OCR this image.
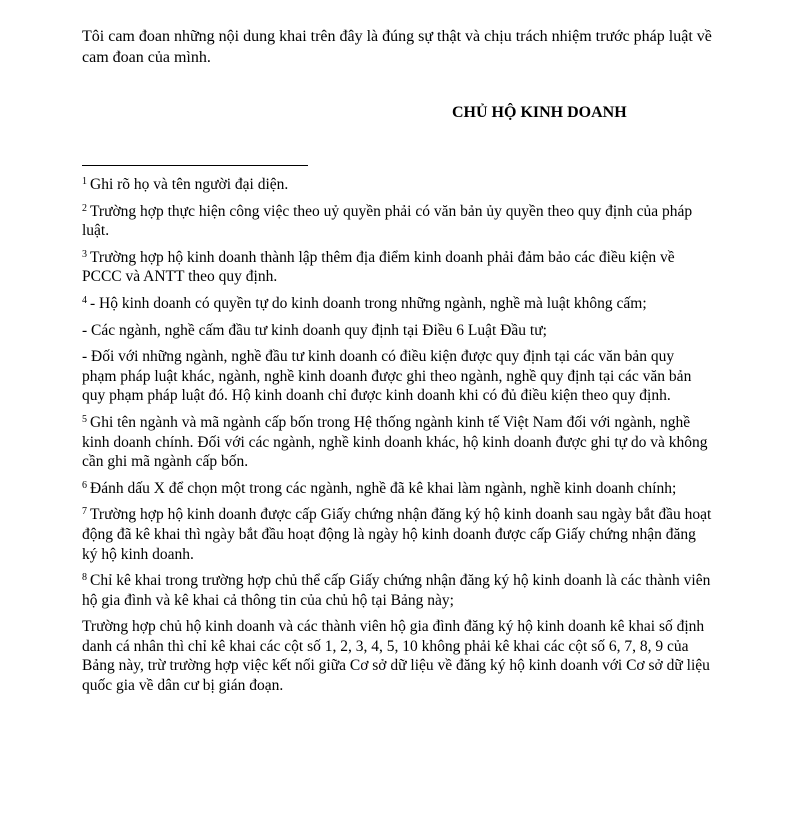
Tôi cam đoan những nội dung khai trên đây là đúng sự thật và chịu trách nhiệm trước pháp luật về cam đoan của mình.

CHỦ HỘ KINH DOANH

$^1$ Ghi rõ họ và tên người đại diện.

$^2$ Trường hợp thực hiện công việc theo uỷ quyền phải có văn bản ủy quyền theo quy định của pháp luật.

$^3$ Trường hợp hộ kinh doanh thành lập thêm địa điểm kinh doanh phải đảm bảo các điều kiện về PCCC và ANTT theo quy định.

$^4$ - Hộ kinh doanh có quyền tự do kinh doanh trong những ngành, nghề mà luật không cấm;

- Các ngành, nghề cấm đầu tư kinh doanh quy định tại Điều 6 Luật Đầu tư;

- Đối với những ngành, nghề đầu tư kinh doanh có điều kiện được quy định tại các văn bản quy phạm pháp luật khác, ngành, nghề kinh doanh được ghi theo ngành, nghề quy định tại các văn bản quy phạm pháp luật đó. Hộ kinh doanh chỉ được kinh doanh khi có đủ điều kiện theo quy định.

$^5$ Ghi tên ngành và mã ngành cấp bốn trong Hệ thống ngành kinh tế Việt Nam đối với ngành, nghề kinh doanh chính. Đối với các ngành, nghề kinh doanh khác, hộ kinh doanh được ghi tự do và không cần ghi mã ngành cấp bốn.

$^6$ Đánh dấu X để chọn một trong các ngành, nghề đã kê khai làm ngành, nghề kinh doanh chính;

$^7$ Trường hợp hộ kinh doanh được cấp Giấy chứng nhận đăng ký hộ kinh doanh sau ngày bắt đầu hoạt động đã kê khai thì ngày bắt đầu hoạt động là ngày hộ kinh doanh được cấp Giấy chứng nhận đăng ký hộ kinh doanh.

$^8$ Chỉ kê khai trong trường hợp chủ thể cấp Giấy chứng nhận đăng ký hộ kinh doanh là các thành viên hộ gia đình và kê khai cả thông tin của chủ hộ tại Bảng này;

Trường hợp chủ hộ kinh doanh và các thành viên hộ gia đình đăng ký hộ kinh doanh kê khai số định danh cá nhân thì chỉ kê khai các cột số 1, 2, 3, 4, 5, 10 không phải kê khai các cột số 6, 7, 8, 9 của Bảng này, trừ trường hợp việc kết nối giữa Cơ sở dữ liệu về đăng ký hộ kinh doanh với Cơ sở dữ liệu quốc gia về dân cư bị gián đoạn.
